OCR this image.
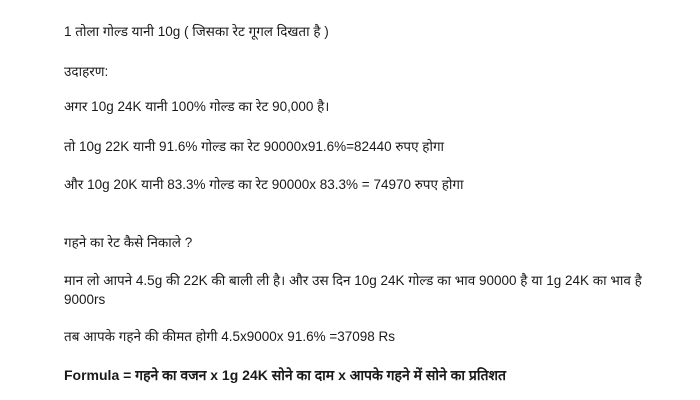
1 तोला गोल्ड यानी 10g ( जिसका रेट गूगल दिखता है )
उदाहरण:
अगर 10g 24K यानी 100% गोल्ड का रेट 90,000 है।
तो 10g 22K यानी 91.6% गोल्ड का रेट 90000x91.6%=82440 रुपए होगा
और 10g 20K यानी 83.3% गोल्ड का रेट 90000x 83.3% = 74970 रुपए होगा
गहने का रेट कैसे निकाले ?
मान लो आपने 4.5g की 22K की बाली ली है। और उस दिन 10g 24K गोल्ड का भाव 90000 है या 1g 24K का भाव है 9000rs
तब आपके गहने की कीमत होगी 4.5x9000x 91.6% =37098 Rs
Formula = गहने का वजन x 1g 24K सोने का दाम x आपके गहने में सोने का प्रतिशत
